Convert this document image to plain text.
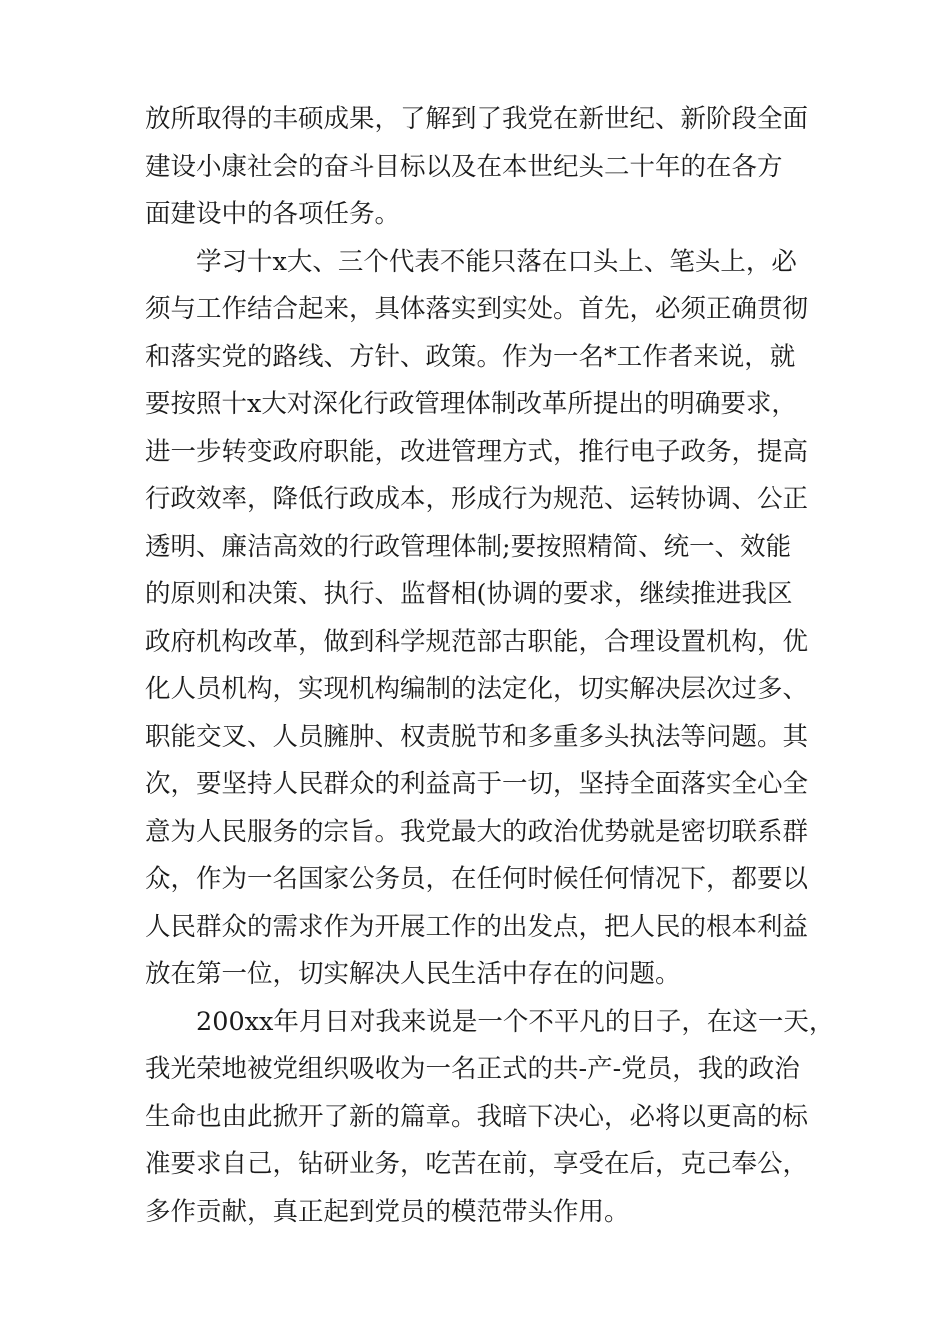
放所取得的丰硕成果，了解到了我党在新世纪、新阶段全面
建设小康社会的奋斗目标以及在本世纪头二十年的在各方
面建设中的各项任务。
学习十x大、三个代表不能只落在口头上、笔头上，必
须与工作结合起来，具体落实到实处。首先，必须正确贯彻
和落实党的路线、方针、政策。作为一名*工作者来说，就
要按照十x大对深化行政管理体制改革所提出的明确要求，
进一步转变政府职能，改进管理方式，推行电子政务，提高
行政效率，降低行政成本，形成行为规范、运转协调、公正
透明、廉洁高效的行政管理体制;要按照精简、统一、效能
的原则和决策、执行、监督相(协调的要求，继续推进我区
政府机构改革，做到科学规范部古职能，合理设置机构，优
化人员机构，实现机构编制的法定化，切实解决层次过多、
职能交叉、人员臃肿、权责脱节和多重多头执法等问题。其
次，要坚持人民群众的利益高于一切，坚持全面落实全心全
意为人民服务的宗旨。我党最大的政治优势就是密切联系群
众，作为一名国家公务员，在任何时候任何情况下，都要以
人民群众的需求作为开展工作的出发点，把人民的根本利益
放在第一位，切实解决人民生活中存在的问题。
200xx年月日对我来说是一个不平凡的日子，在这一天，
我光荣地被党组织吸收为一名正式的共-产-党员，我的政治
生命也由此掀开了新的篇章。我暗下决心，必将以更高的标
准要求自己，钻研业务，吃苦在前，享受在后，克己奉公，
多作贡献，真正起到党员的模范带头作用。
